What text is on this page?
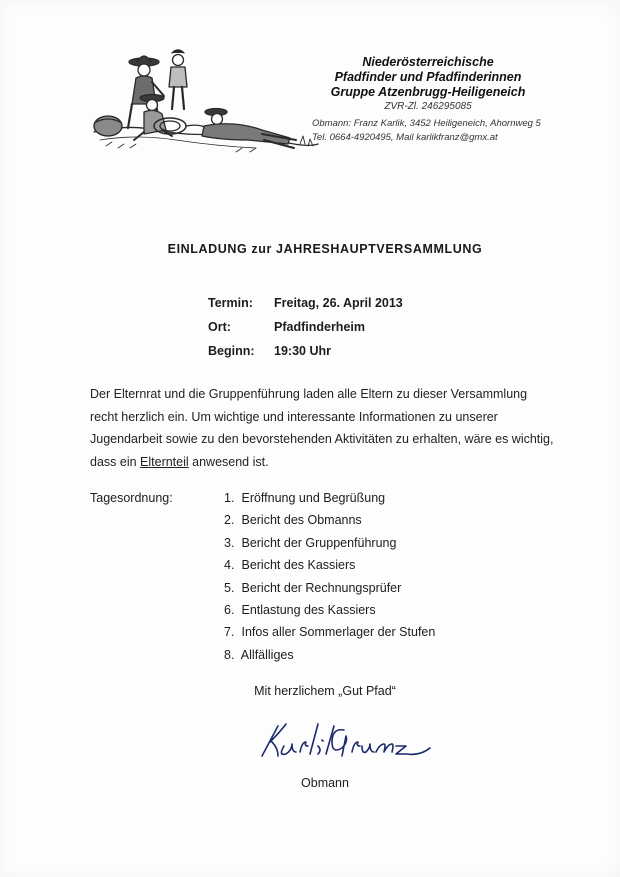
Niederösterreichische
Pfadfinder und Pfadfinderinnen
Gruppe Atzenbrugg-Heiligeneich
ZVR-Zl. 246295085
Obmann: Franz Karlik, 3452 Heiligeneich, Ahornweg 5
Tel. 0664-4920495, Mail karlikfranz@gmx.at
EINLADUNG zur JAHRESHAUPTVERSAMMLUNG
Termin:	Freitag, 26. April 2013
Ort:	Pfadfinderheim
Beginn:	19:30 Uhr
Der Elternrat und die Gruppenführung laden alle Eltern zu dieser Versammlung
recht herzlich ein. Um wichtige und interessante Informationen zu unserer
Jugendarbeit sowie zu den bevorstehenden Aktivitäten zu erhalten, wäre es wichtig,
dass ein Elternteil anwesend ist.
Tagesordnung:	1. Eröffnung und Begrüßung
2. Bericht des Obmanns
3. Bericht der Gruppenführung
4. Bericht des Kassiers
5. Bericht der Rechnungsprüfer
6. Entlastung des Kassiers
7. Infos aller Sommerlager der Stufen
8. Allfälliges
Mit herzlichem „Gut Pfad“
Obmann
